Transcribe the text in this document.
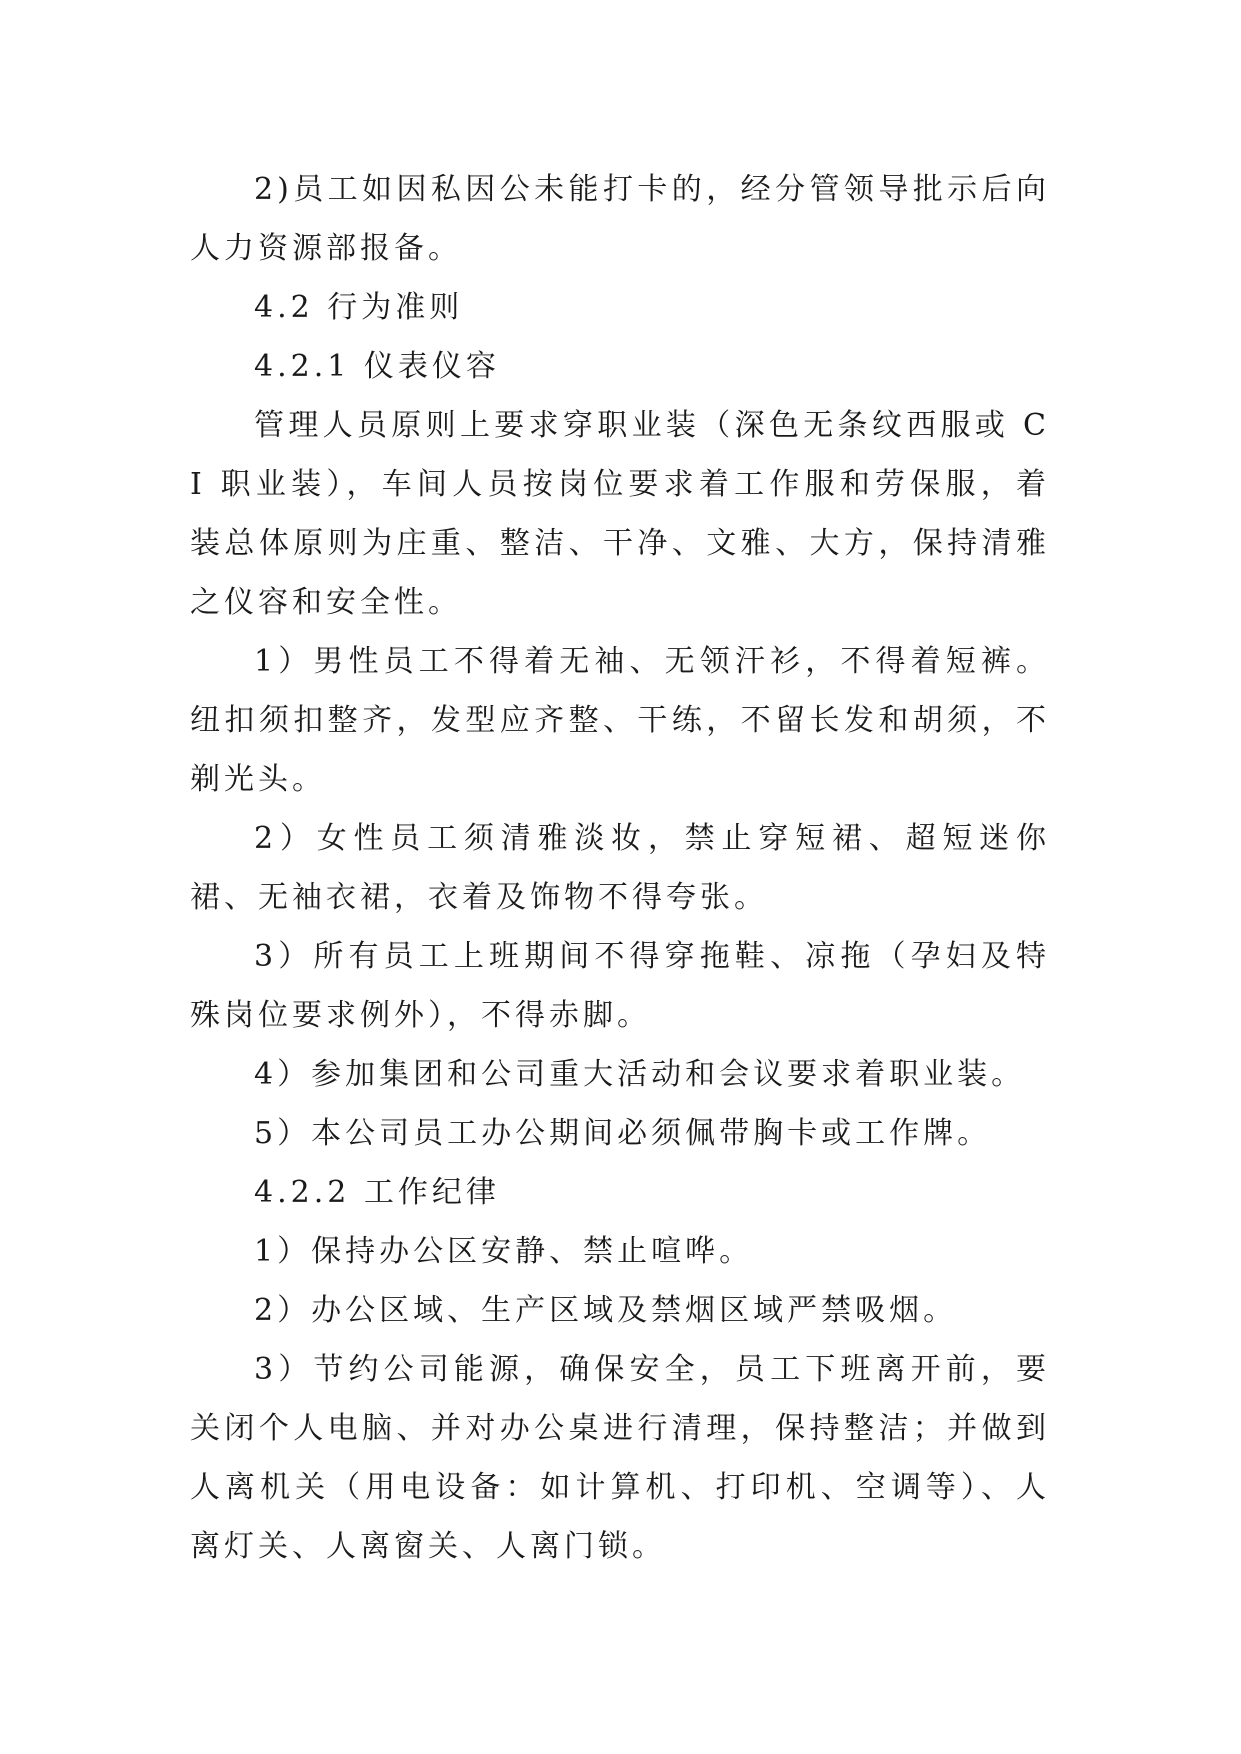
2)员工如因私因公未能打卡的，经分管领导批示后向人力资源部报备。

4.2 行为准则

4.2.1 仪表仪容

管理人员原则上要求穿职业装（深色无条纹西服或 CI 职业装），车间人员按岗位要求着工作服和劳保服，着装总体原则为庄重、整洁、干净、文雅、大方，保持清雅之仪容和安全性。

1）男性员工不得着无袖、无领汗衫，不得着短裤。纽扣须扣整齐，发型应齐整、干练，不留长发和胡须，不剃光头。

2）女性员工须清雅淡妆，禁止穿短裙、超短迷你裙、无袖衣裙，衣着及饰物不得夸张。

3）所有员工上班期间不得穿拖鞋、凉拖（孕妇及特殊岗位要求例外），不得赤脚。

4）参加集团和公司重大活动和会议要求着职业装。

5）本公司员工办公期间必须佩带胸卡或工作牌。

4.2.2 工作纪律

1）保持办公区安静、禁止喧哗。

2）办公区域、生产区域及禁烟区域严禁吸烟。

3）节约公司能源，确保安全，员工下班离开前，要关闭个人电脑、并对办公桌进行清理，保持整洁；并做到人离机关（用电设备：如计算机、打印机、空调等）、人离灯关、人离窗关、人离门锁。
